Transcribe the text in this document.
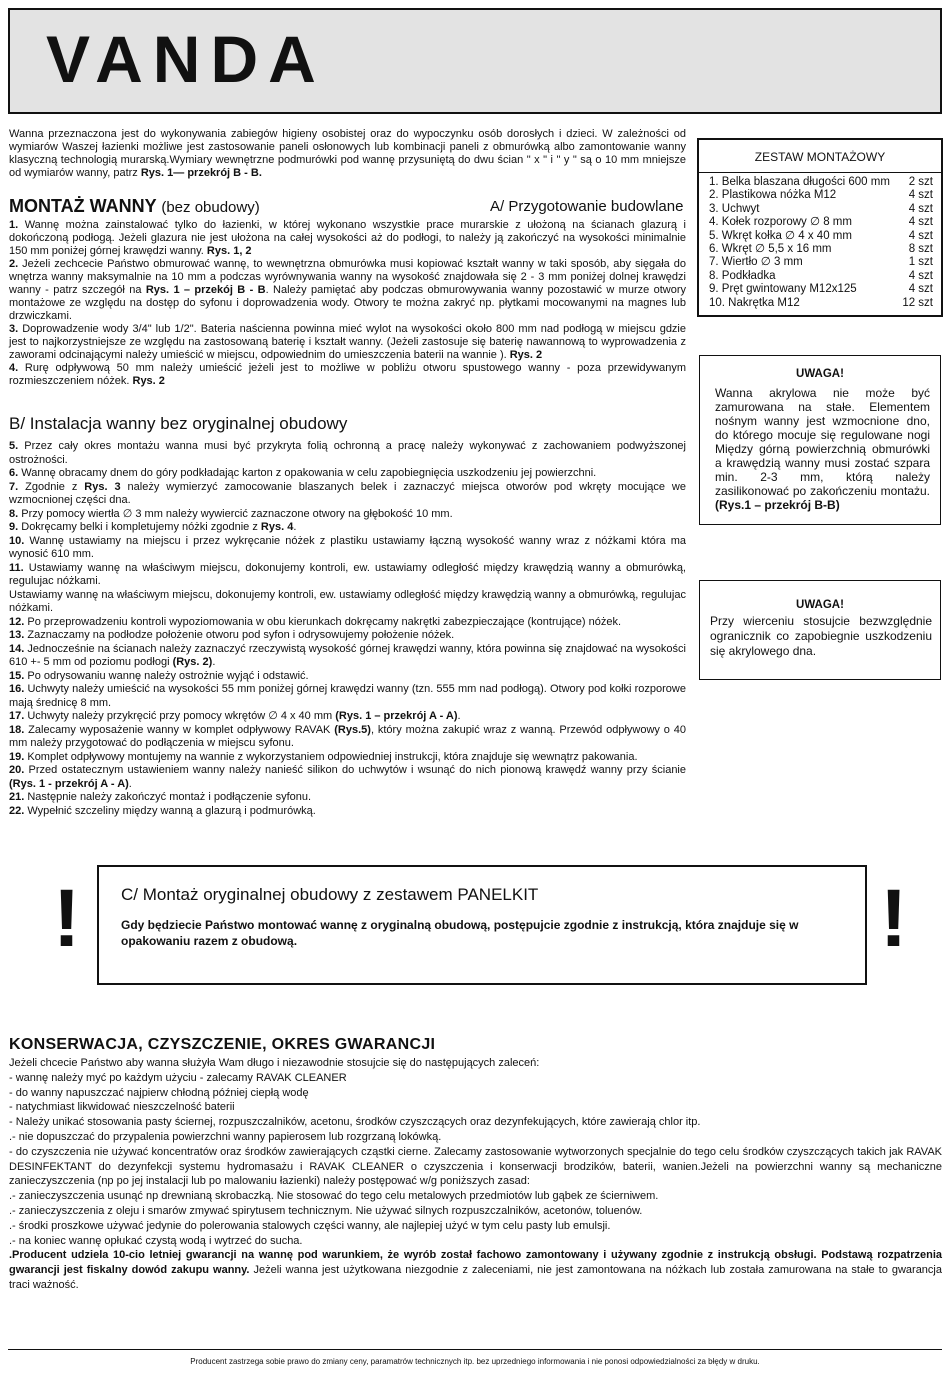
VANDA
Wanna przeznaczona jest do wykonywania zabiegów higieny osobistej oraz do wypoczynku osób dorosłych i dzieci. W zależności od wymiarów Waszej łazienki możliwe jest zastosowanie paneli osłonowych lub kombinacji paneli z obmurówką albo zamontowanie wanny klasyczną technologią murarską.Wymiary wewnętrzne podmurówki pod wannę przysuniętą do dwu ścian " x " i " y " są o 10 mm mniejsze od wymiarów wanny, patrz Rys. 1— przekrój B - B.
MONTAŻ WANNY (bez obudowy)	A/ Przygotowanie budowlane

1. Wannę można zainstalować tylko do łazienki, w której wykonano wszystkie prace murarskie z ułożoną na ścianach glazurą i dokończoną podłogą. Jeżeli glazura nie jest ułożona na całej wysokości aż do podłogi, to należy ją zakończyć na wysokości minimalnie 150 mm poniżej górnej krawędzi wanny. Rys. 1, 2

2. Jeżeli zechcecie Państwo obmurować wannę, to wewnętrzna obmurówka musi kopiować kształt wanny w taki sposób, aby sięgała do wnętrza wanny maksymalnie na 10 mm a podczas wyrównywania wanny na wysokość znajdowała się 2 - 3 mm poniżej dolnej krawędzi wanny - patrz szczegół na Rys. 1 – przekój B - B. Należy pamiętać aby podczas obmurowywania wanny pozostawić w murze otwory montażowe ze względu na dostęp do syfonu i doprowadzenia wody. Otwory te można zakryć np. płytkami mocowanymi na magnes lub drzwiczkami.

3. Doprowadzenie wody 3/4" lub 1/2". Bateria naścienna powinna mieć wylot na wysokości około 800 mm nad podłogą w miejscu gdzie jest to najkorzystniejsze ze względu na zastosowaną baterię i kształt wanny. (Jeżeli zastosuje się baterię nawannową to wyprowadzenia z zaworami odcinającymi należy umieścić w miejscu, odpowiednim do umieszczenia baterii na wannie ). Rys. 2

4. Rurę odpływową 50 mm należy umieścić jeżeli jest to możliwe w pobliżu otworu spustowego wanny - poza przewidywanym rozmieszczeniem nóżek. Rys. 2

B/ Instalacja wanny bez oryginalnej obudowy

5. Przez cały okres montażu wanna musi być przykryta folią ochronną a pracę należy wykonywać z zachowaniem podwyższonej ostrożności.

6. Wannę obracamy dnem do góry podkładając karton z opakowania w celu zapobiegnięcia uszkodzeniu jej powierzchni.

7. Zgodnie z Rys. 3 należy wymierzyć zamocowanie blaszanych belek i zaznaczyć miejsca otworów pod wkręty mocujące we wzmocnionej części dna.

8. Przy pomocy wiertła ∅ 3 mm należy wywiercić zaznaczone otwory na głębokość 10 mm.

9. Dokręcamy belki i kompletujemy nóżki zgodnie z Rys. 4.

10. Wannę ustawiamy na miejscu i przez wykręcanie nóżek z plastiku ustawiamy łączną wysokość wanny wraz z nóżkami która ma wynosić 610 mm.

11. Ustawiamy wannę na właściwym miejscu, dokonujemy kontroli, ew. ustawiamy odległość między krawędzią wanny a obmurówką, regulujac nóżkami.

Ustawiamy wannę na właściwym miejscu, dokonujemy kontroli, ew. ustawiamy odległość między krawędzią wanny a obmurówką, regulujac nóżkami.

12. Po przeprowadzeniu kontroli wypoziomowania w obu kierunkach dokręcamy nakrętki zabezpieczające (kontrujące) nóżek.

13. Zaznaczamy na podłodze położenie otworu pod syfon i odrysowujemy położenie nóżek.

14. Jednocześnie na ścianach należy zaznaczyć rzeczywistą wysokość górnej krawędzi wanny, która powinna się znajdować na wysokości 610 +- 5 mm od poziomu podłogi (Rys. 2).

15. Po odrysowaniu wannę należy ostrożnie wyjąć i odstawić.

16. Uchwyty należy umieścić na wysokości 55 mm poniżej górnej krawędzi wanny (tzn. 555 mm nad podłogą). Otwory pod kołki rozporowe mają średnicę 8 mm.

17. Uchwyty należy przykręcić przy pomocy wkrętów ∅ 4 x 40 mm (Rys. 1 – przekrój A - A).

18. Zalecamy wyposażenie wanny w komplet odpływowy RAVAK (Rys.5), który można zakupić wraz z wanną. Przewód odpływowy o 40 mm należy przygotować do podłączenia w miejscu syfonu.

19. Komplet odpływowy montujemy na wannie z wykorzystaniem odpowiedniej instrukcji, która znajduje się wewnątrz pakowania.

20. Przed ostatecznym ustawieniem wanny należy nanieść silikon do uchwytów i wsunąć do nich pionową krawędź wanny przy ścianie (Rys. 1 - przekrój A - A).

21. Następnie należy zakończyć montaż i podłączenie syfonu.

22. Wypełnić szczeliny między wanną a glazurą i podmurówką.

ZESTAW MONTAŻOWY
1. Belka blaszana długości 600 mm 2 szt
2. Plastikowa nóżka M12	4 szt
3. Uchwyt	4 szt
4. Kołek rozporowy ∅ 8 mm	4 szt
5. Wkręt kołka ∅ 4 x 40 mm	4 szt
6. Wkręt ∅ 5,5 x 16 mm	8 szt
7. Wiertło ∅ 3 mm	1 szt
8. Podkładka	4 szt
9. Pręt gwintowany M12x125	4 szt
10. Nakrętka M12	12 szt
UWAGA!
Wanna akrylowa nie może być zamurowana na stałe. Elementem nośnym wanny jest wzmocnione dno, do którego mocuje się regulowane nogi Między górną powierzchnią obmurówki a krawędzią wanny musi zostać szpara min. 2-3 mm, którą należy zasilikonować po zakończeniu montażu. (Rys.1 – przekrój B-B)
UWAGA!
Przy wierceniu stosujcie bezwzględnie ogranicznik co zapobiegnie uszkodzeniu się akrylowego dna.
! C/ Montaż oryginalnej obudowy z zestawem PANELKIT
Gdy będziecie Państwo montować wannę z oryginalną obudową, postępujcie zgodnie z instrukcją, która znajduje się w opakowaniu razem z obudową.	!
KONSERWACJA, CZYSZCZENIE, OKRES GWARANCJI

Jeżeli chcecie Państwo aby wanna służyła Wam długo i niezawodnie stosujcie się do następujących zaleceń:

- wannę należy myć po każdym użyciu - zalecamy RAVAK CLEANER

- do wanny napuszczać najpierw chłodną później ciepłą wodę

- natychmiast likwidować nieszczelność baterii

- Należy unikać stosowania pasty ściernej, rozpuszczalników, acetonu, środków czyszczących oraz dezynfekujących, które zawierają chlor itp.

.- nie dopuszczać do przypalenia powierzchni wanny papierosem lub rozgrzaną lokówką.

- do czyszczenia nie używać koncentratów oraz środków zawierających cząstki cierne. Zalecamy zastosowanie wytworzonych specjalnie do tego celu środków czyszczących takich jak RAVAK DESINFEKTANT do dezynfekcji systemu hydromasażu i RAVAK CLEANER o czyszczenia i konserwacji brodzików, baterii, wanien.Jeżeli na powierzchni wanny są mechaniczne zanieczyszczenia (np po jej instalacji lub po malowaniu łazienki) należy postępować w/g poniższych zasad:

.- zanieczyszczenia usunąć np drewnianą skrobaczką. Nie stosować do tego celu metalowych przedmiotów lub gąbek ze ścierniwem.

.- zanieczyszczenia z oleju i smarów zmywać spirytusem technicznym. Nie używać silnych rozpuszczalników, acetonów, toluenów.

.- środki proszkowe używać jedynie do polerowania stalowych części wanny, ale najlepiej użyć w tym celu pasty lub emulsji.

.- na koniec wannę opłukać czystą wodą i wytrzeć do sucha.

.Producent udziela 10-cio letniej gwarancji na wannę pod warunkiem, że wyrób został fachowo zamontowany i używany zgodnie z instrukcją obsługi. Podstawą rozpatrzenia gwarancji jest fiskalny dowód zakupu wanny. Jeżeli wanna jest użytkowana niezgodnie z zaleceniami, nie jest zamontowana na nóżkach lub została zamurowana na stałe to gwarancja traci ważność.

Producent zastrzega sobie prawo do zmiany ceny, paramatrów technicznych itp. bez uprzedniego informowania i nie ponosi odpowiedzialności za błędy w druku.
